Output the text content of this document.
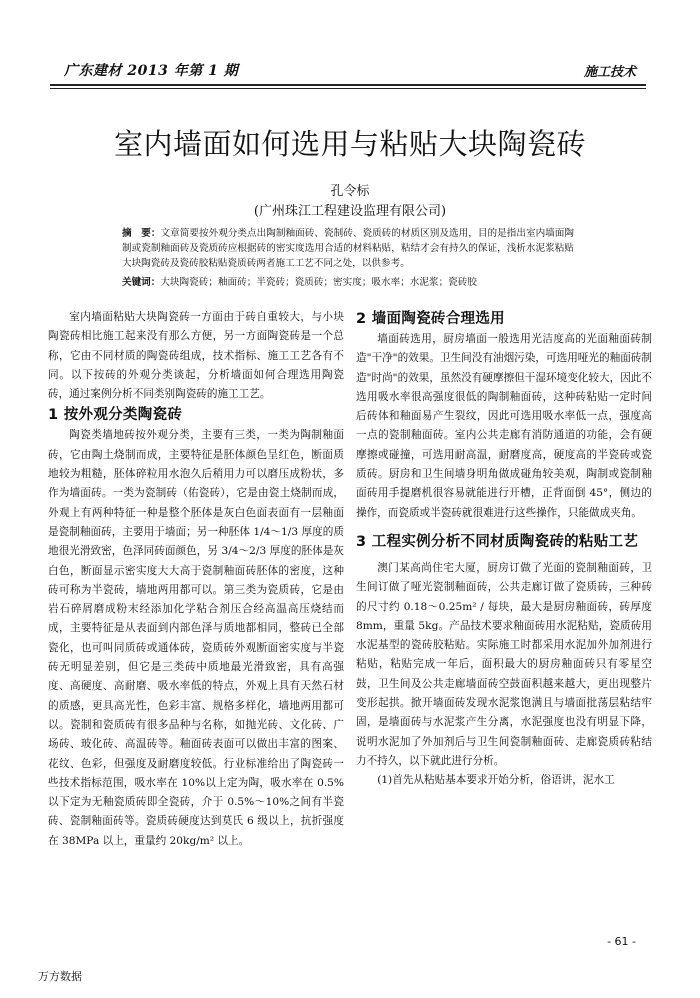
广东建材 2013 年第 1 期	施工技术
室内墙面如何选用与粘贴大块陶瓷砖
孔令标
(广州珠江工程建设监理有限公司)
摘　要：文章简要按外观分类点出陶制釉面砖、瓷制砖、瓷质砖的材质区别及选用，目的是指出室内墙面陶制或瓷制釉面砖及瓷质砖应根据砖的密实度选用合适的材料粘贴，粘结才会有持久的保证，浅析水泥浆粘贴大块陶瓷砖及瓷砖胶粘贴瓷质砖两者施工工艺不同之处，以供参考。
关键词：大块陶瓷砖；釉面砖；半瓷砖；瓷质砖；密实度；吸水率；水泥浆；瓷砖胶

室内墙面粘贴大块陶瓷砖一方面由于砖自重较大，与小块陶瓷砖相比施工起来没有那么方便，另一方面陶瓷砖是一个总称，它由不同材质的陶瓷砖组成，技术指标、施工工艺各有不同。以下按砖的外观分类谈起，分析墙面如何合理选用陶瓷砖，通过案例分析不同类别陶瓷砖的施工工艺。

1 按外观分类陶瓷砖

陶瓷类墙地砖按外观分类，主要有三类，一类为陶制釉面砖，它由陶土烧制而成，主要特征是胚体颜色呈红色，断面质地较为粗糙，胚体碎粒用水泡久后稍用力可以磨压成粉状，多作为墙面砖。一类为瓷制砖（佑瓷砖），它是由瓷土烧制而成，外观上有两种特征一种是整个胚体是灰白色面表面有一层釉面是瓷制釉面砖，主要用于墙面；另一种胚体 1/4～1/3 厚度的质地很光滑致密，色泽同砖面颜色，另 3/4～2/3 厚度的胚体是灰白色，断面显示密实度大大高于瓷制釉面砖胚体的密度，这种砖可称为半瓷砖，墙地两用都可以。第三类为瓷质砖，它是由岩石碎屑磨成粉末经添加化学粘合剂压合经高温高压烧结而成，主要特征是从表面到内部色泽与质地都相同，整砖已全部瓷化，也可叫同质砖或通体砖，瓷质砖外观断面密实度与半瓷砖无明显差别，但它是三类砖中质地最光滑致密，具有高强度、高硬度、高耐磨、吸水率低的特点，外观上具有天然石材的质感，更具高光性，色彩丰富、规格多样化，墙地两用都可以。瓷制和瓷质砖有很多品种与名称，如抛光砖、文化砖、广场砖、玻化砖、高温砖等。釉面砖表面可以做出丰富的图案、花纹、色彩，但强度及耐磨度较低。行业标准给出了陶瓷砖一些技术指标范围，吸水率在 10%以上定为陶，吸水率在 0.5%以下定为无釉瓷质砖即全瓷砖，介于 0.5%～10%之间有半瓷砖、瓷制釉面砖等。瓷质砖硬度达到莫氏 6 级以上，抗折强度在 38MPa 以上，重量约 20kg/m² 以上。

2 墙面陶瓷砖合理选用

墙面砖选用，厨房墙面一般选用光洁度高的光面釉面砖制造"干净"的效果。卫生间没有油烟污染，可选用哑光的釉面砖制造"时尚"的效果，虽然没有硬摩擦但干湿环境变化较大，因此不选用吸水率很高强度很低的陶制釉面砖，这种砖粘贴一定时间后砖体和釉面易产生裂纹，因此可选用吸水率低一点，强度高一点的瓷制釉面砖。室内公共走廊有消防通道的功能，会有硬摩擦或碰撞，可选用耐高温，耐磨度高，硬度高的半瓷砖或瓷质砖。厨房和卫生间墙身明角做成碰角较美观，陶制或瓷制釉面砖用手提磨机很容易就能进行开槽，正背面倒 45°，侧边的操作，而瓷质或半瓷砖就很难进行这些操作，只能做成夹角。

3 工程实例分析不同材质陶瓷砖的粘贴工艺

澳门某高尚住宅大厦，厨房订做了光面的瓷制釉面砖，卫生间订做了哑光瓷制釉面砖，公共走廊订做了瓷质砖，三种砖的尺寸约 0.18～0.25m² / 每块，最大是厨房釉面砖，砖厚度 8mm，重量 5kg。产品技术要求釉面砖用水泥粘贴，瓷质砖用水泥基型的瓷砖胶粘贴。实际施工时都采用水泥加外加剂进行粘贴，粘贴完成一年后，面积最大的厨房釉面砖只有零星空鼓，卫生间及公共走廊墙面砖空鼓面积越来越大，更出现整片变形起拱。掀开墙面砖发现水泥浆饱满且与墙面批荡层粘结牢固，是墙面砖与水泥浆产生分离，水泥强度也没有明显下降，说明水泥加了外加剂后与卫生间瓷制釉面砖、走廊瓷质砖粘结力不持久，以下就此进行分析。

(1)首先从粘贴基本要求开始分析，俗语讲，泥水工

- 61 -
万方数据
